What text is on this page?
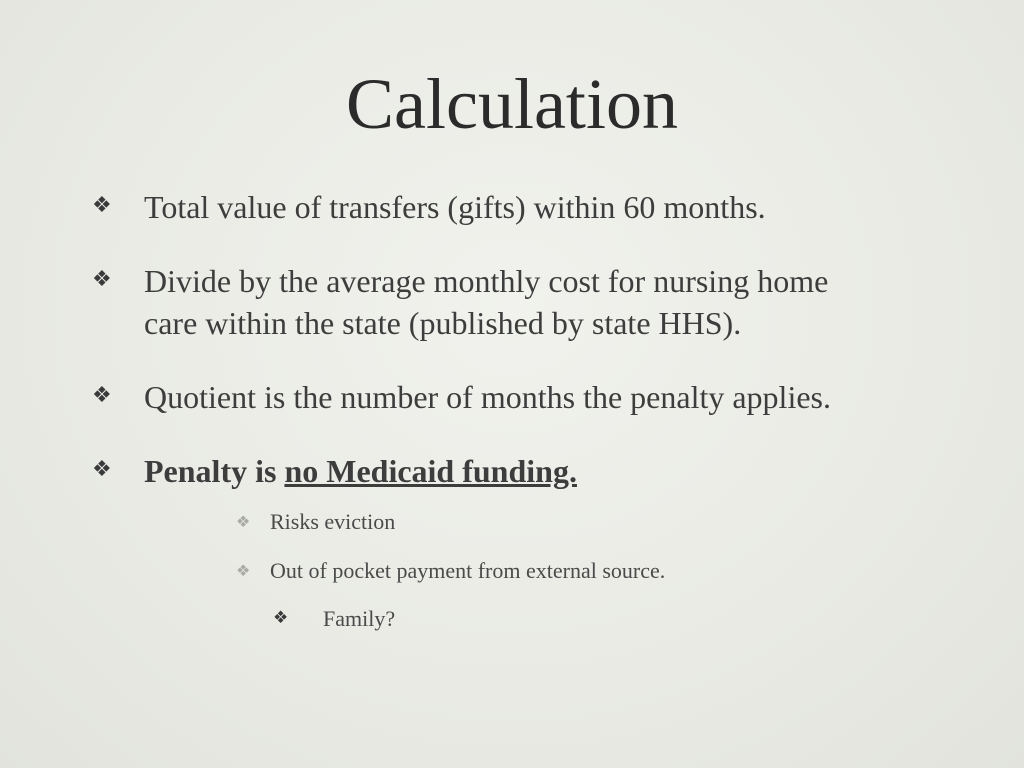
Calculation
❖	Total value of transfers (gifts) within 60 months.
❖	Divide by the average monthly cost for nursing home
care within the state (published by state HHS).
❖	Quotient is the number of months the penalty applies.
❖	Penalty is no Medicaid funding.
❖ Risks eviction
❖ Out of pocket payment from external source.
❖	Family?
